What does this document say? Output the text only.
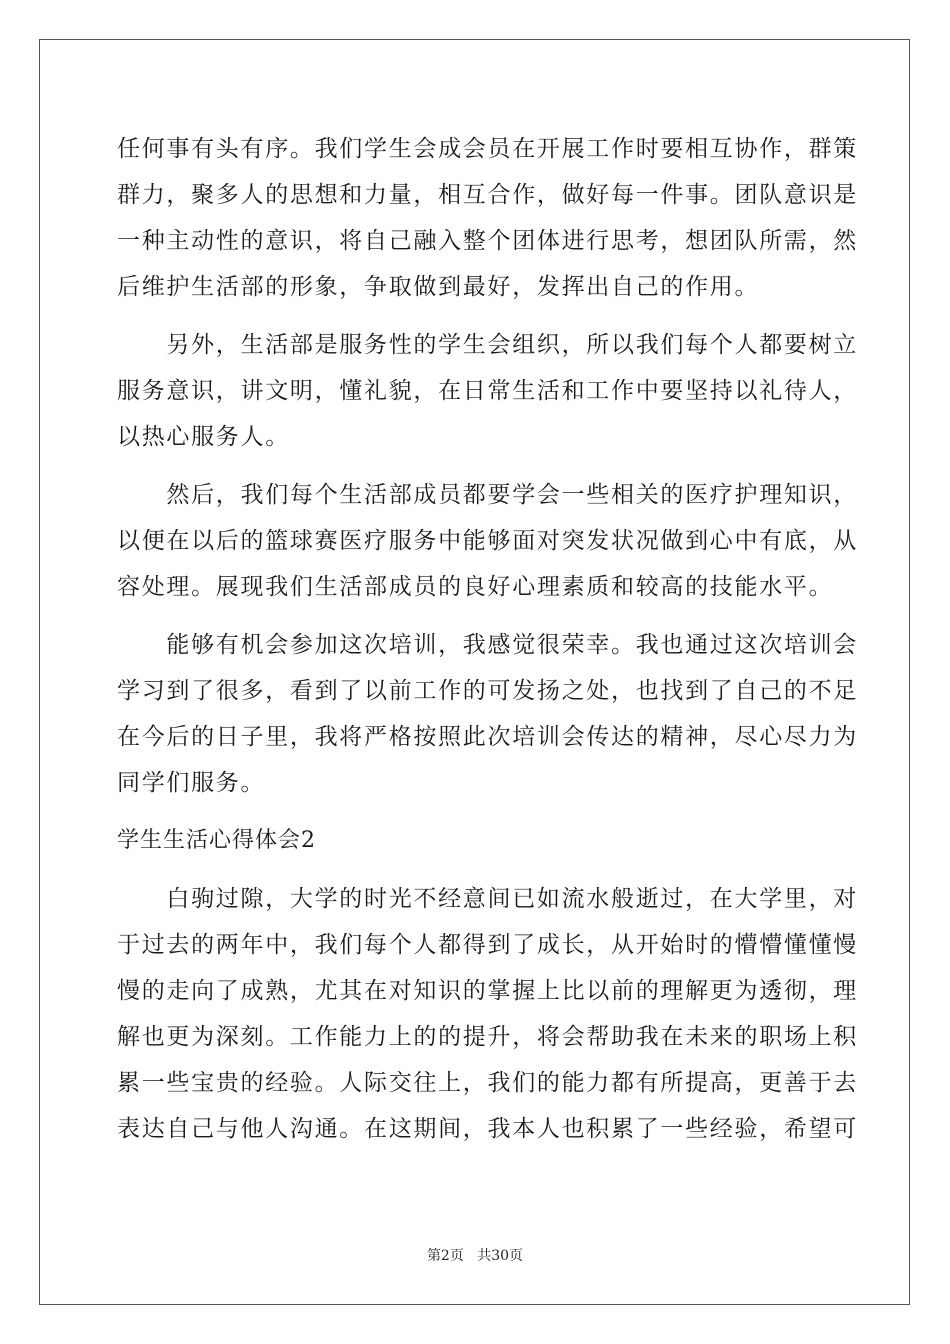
任何事有头有序。我们学生会成会员在开展工作时要相互协作，群策
群力，聚多人的思想和力量，相互合作，做好每一件事。团队意识是
一种主动性的意识，将自己融入整个团体进行思考，想团队所需，然
后维护生活部的形象，争取做到最好，发挥出自己的作用。
　　另外，生活部是服务性的学生会组织，所以我们每个人都要树立
服务意识，讲文明，懂礼貌，在日常生活和工作中要坚持以礼待人，
以热心服务人。
　　然后，我们每个生活部成员都要学会一些相关的医疗护理知识，
以便在以后的篮球赛医疗服务中能够面对突发状况做到心中有底，从
容处理。展现我们生活部成员的良好心理素质和较高的技能水平。
　　能够有机会参加这次培训，我感觉很荣幸。我也通过这次培训会
学习到了很多，看到了以前工作的可发扬之处，也找到了自己的不足
在今后的日子里，我将严格按照此次培训会传达的精神，尽心尽力为
同学们服务。
学生生活心得体会2
　　白驹过隙，大学的时光不经意间已如流水般逝过，在大学里，对
于过去的两年中，我们每个人都得到了成长，从开始时的懵懵懂懂慢
慢的走向了成熟，尤其在对知识的掌握上比以前的理解更为透彻，理
解也更为深刻。工作能力上的的提升，将会帮助我在未来的职场上积
累一些宝贵的经验。人际交往上，我们的能力都有所提高，更善于去
表达自己与他人沟通。在这期间，我本人也积累了一些经验，希望可
第2页 共30页
